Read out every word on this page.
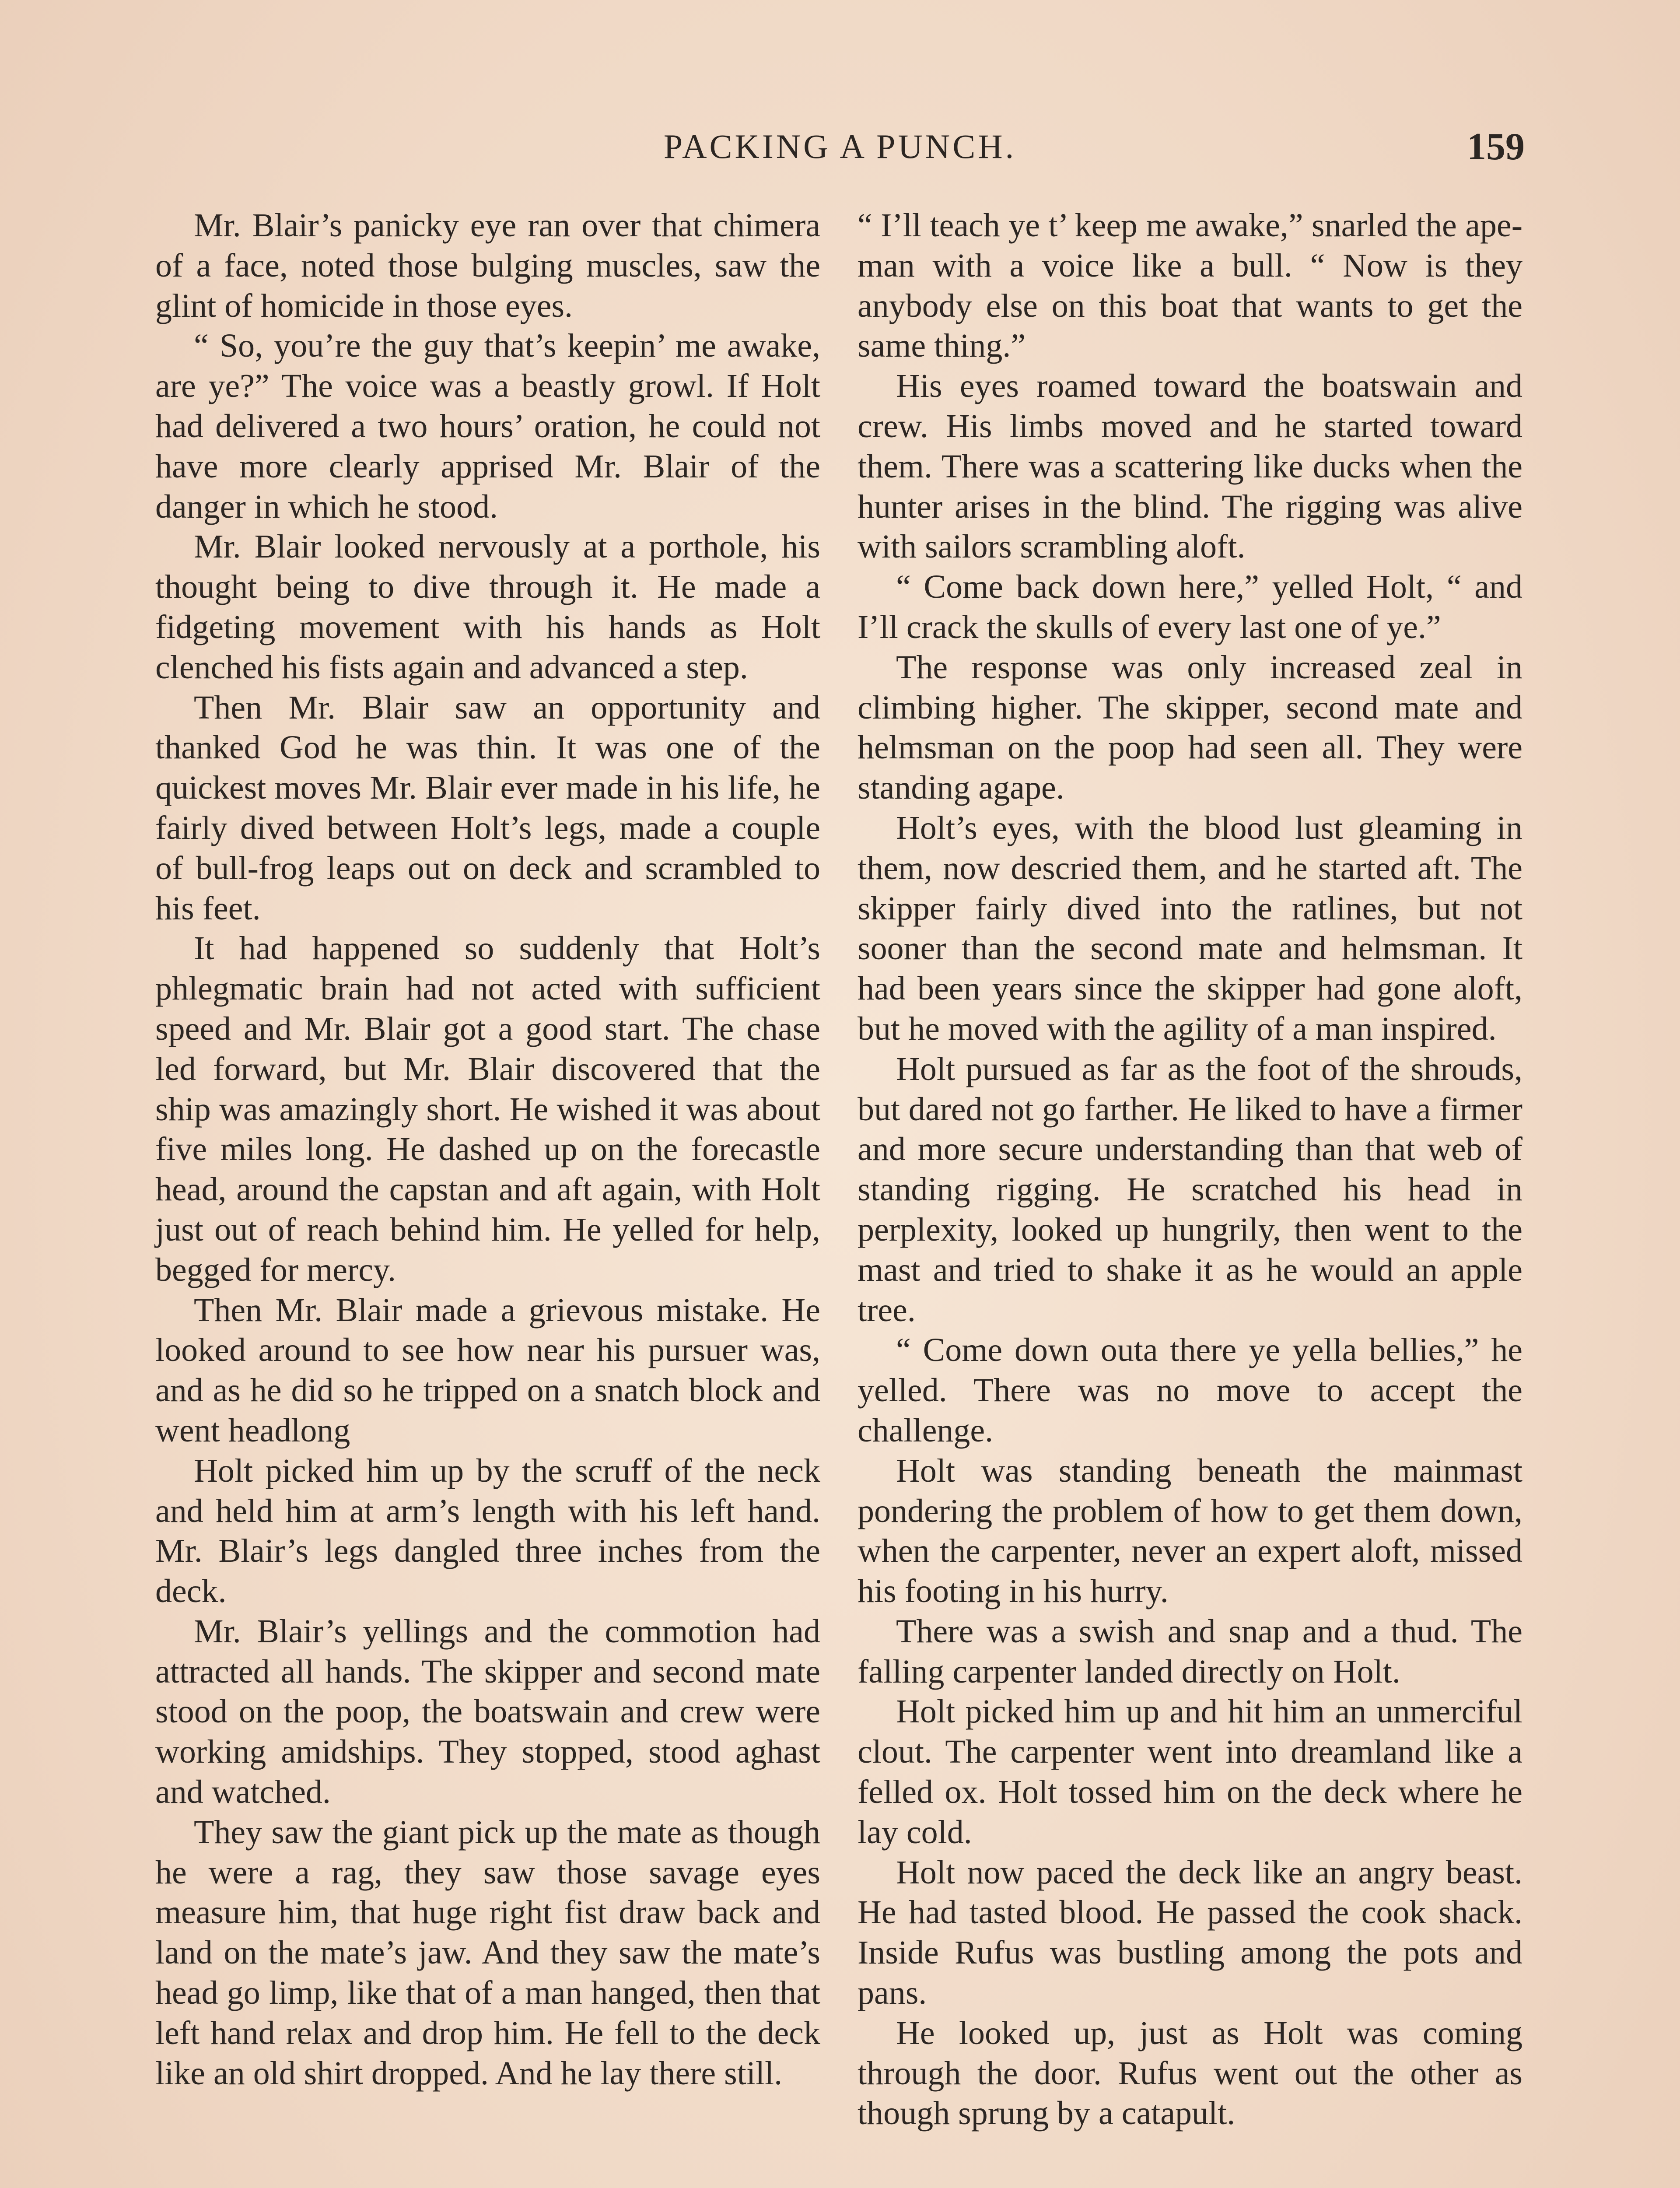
PACKING A PUNCH.	159

Mr. Blair’s panicky eye ran over that chimera of a face, noted those bulging muscles, saw the glint of homicide in those eyes.

“ So, you’re the guy that’s keepin’ me awake, are ye?” The voice was a beastly growl. If Holt had delivered a two hours’ oration, he could not have more clearly apprised Mr. Blair of the danger in which he stood.

Mr. Blair looked nervously at a porthole, his thought being to dive through it. He made a fidgeting movement with his hands as Holt clenched his fists again and advanced a step.

Then Mr. Blair saw an opportunity and thanked God he was thin. It was one of the quickest moves Mr. Blair ever made in his life, he fairly dived between Holt’s legs, made a couple of bull-frog leaps out on deck and scrambled to his feet.

It had happened so suddenly that Holt’s phlegmatic brain had not acted with sufficient speed and Mr. Blair got a good start. The chase led forward, but Mr. Blair discovered that the ship was amazingly short. He wished it was about five miles long. He dashed up on the forecastle head, around the capstan and aft again, with Holt just out of reach behind him. He yelled for help, begged for mercy.

Then Mr. Blair made a grievous mistake. He looked around to see how near his pursuer was, and as he did so he tripped on a snatch block and went headlong

Holt picked him up by the scruff of the neck and held him at arm’s length with his left hand. Mr. Blair’s legs dangled three inches from the deck.

Mr. Blair’s yellings and the commotion had attracted all hands. The skipper and second mate stood on the poop, the boatswain and crew were working amidships. They stopped, stood aghast and watched.

They saw the giant pick up the mate as though he were a rag, they saw those savage eyes measure him, that huge right fist draw back and land on the mate’s jaw. And they saw the mate’s head go limp, like that of a man hanged, then that left hand relax and drop him. He fell to the deck like an old shirt dropped. And he lay there still.

“ I’ll teach ye t’ keep me awake,” snarled the ape-man with a voice like a bull. “ Now is they anybody else on this boat that wants to get the same thing.”

His eyes roamed toward the boatswain and crew. His limbs moved and he started toward them. There was a scattering like ducks when the hunter arises in the blind. The rigging was alive with sailors scrambling aloft.

“ Come back down here,” yelled Holt, “ and I’ll crack the skulls of every last one of ye.”

The response was only increased zeal in climbing higher. The skipper, second mate and helmsman on the poop had seen all. They were standing agape.

Holt’s eyes, with the blood lust gleaming in them, now descried them, and he started aft. The skipper fairly dived into the ratlines, but not sooner than the second mate and helmsman. It had been years since the skipper had gone aloft, but he moved with the agility of a man inspired.

Holt pursued as far as the foot of the shrouds, but dared not go farther. He liked to have a firmer and more secure understanding than that web of standing rigging. He scratched his head in perplexity, looked up hungrily, then went to the mast and tried to shake it as he would an apple tree.

“ Come down outa there ye yella bellies,” he yelled. There was no move to accept the challenge.

Holt was standing beneath the mainmast pondering the problem of how to get them down, when the carpenter, never an expert aloft, missed his footing in his hurry.

There was a swish and snap and a thud. The falling carpenter landed directly on Holt.

Holt picked him up and hit him an unmerciful clout. The carpenter went into dreamland like a felled ox. Holt tossed him on the deck where he lay cold.

Holt now paced the deck like an angry beast. He had tasted blood. He passed the cook shack. Inside Rufus was bustling among the pots and pans.

He looked up, just as Holt was coming through the door. Rufus went out the other as though sprung by a catapult.
